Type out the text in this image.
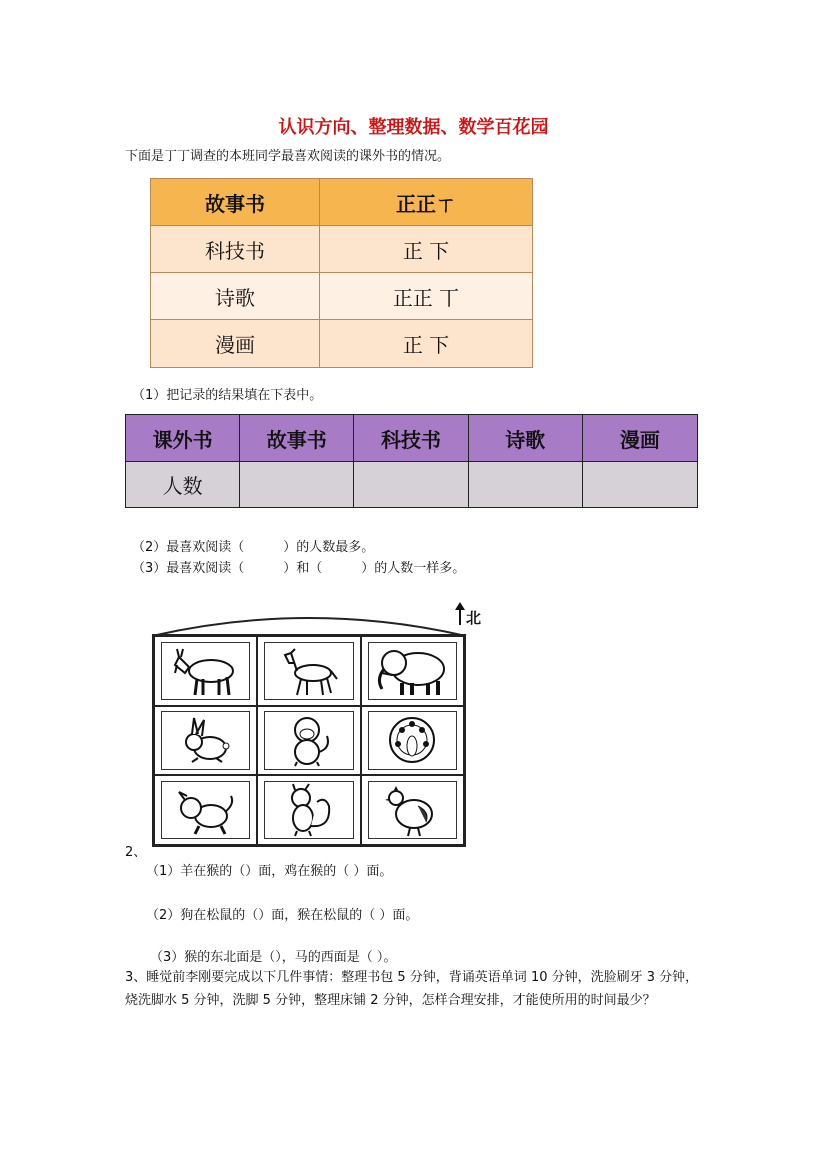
认识方向、整理数据、数学百花园
下面是丁丁调查的本班同学最喜欢阅读的课外书的情况。
故事书	正正ㄒ
科技书	正 下
诗歌	正正 丅
漫画	正 下
（1）把记录的结果填在下表中。
课外书	故事书	科技书	诗歌	漫画
人数
（2）最喜欢阅读（　　　）的人数最多。
（3）最喜欢阅读（　　　）和（　　　）的人数一样多。
北
2、
（1）羊在猴的（）面，鸡在猴的（ ）面。
（2）狗在松鼠的（）面，猴在松鼠的（ ）面。
（3）猴的东北面是（），马的西面是（ ）。
3、睡觉前李刚要完成以下几件事情：整理书包 5 分钟，背诵英语单词 10 分钟，洗脸刷牙 3 分钟，烧洗脚水 5 分钟，洗脚 5 分钟，整理床铺 2 分钟，怎样合理安排，才能使所用的时间最少？
